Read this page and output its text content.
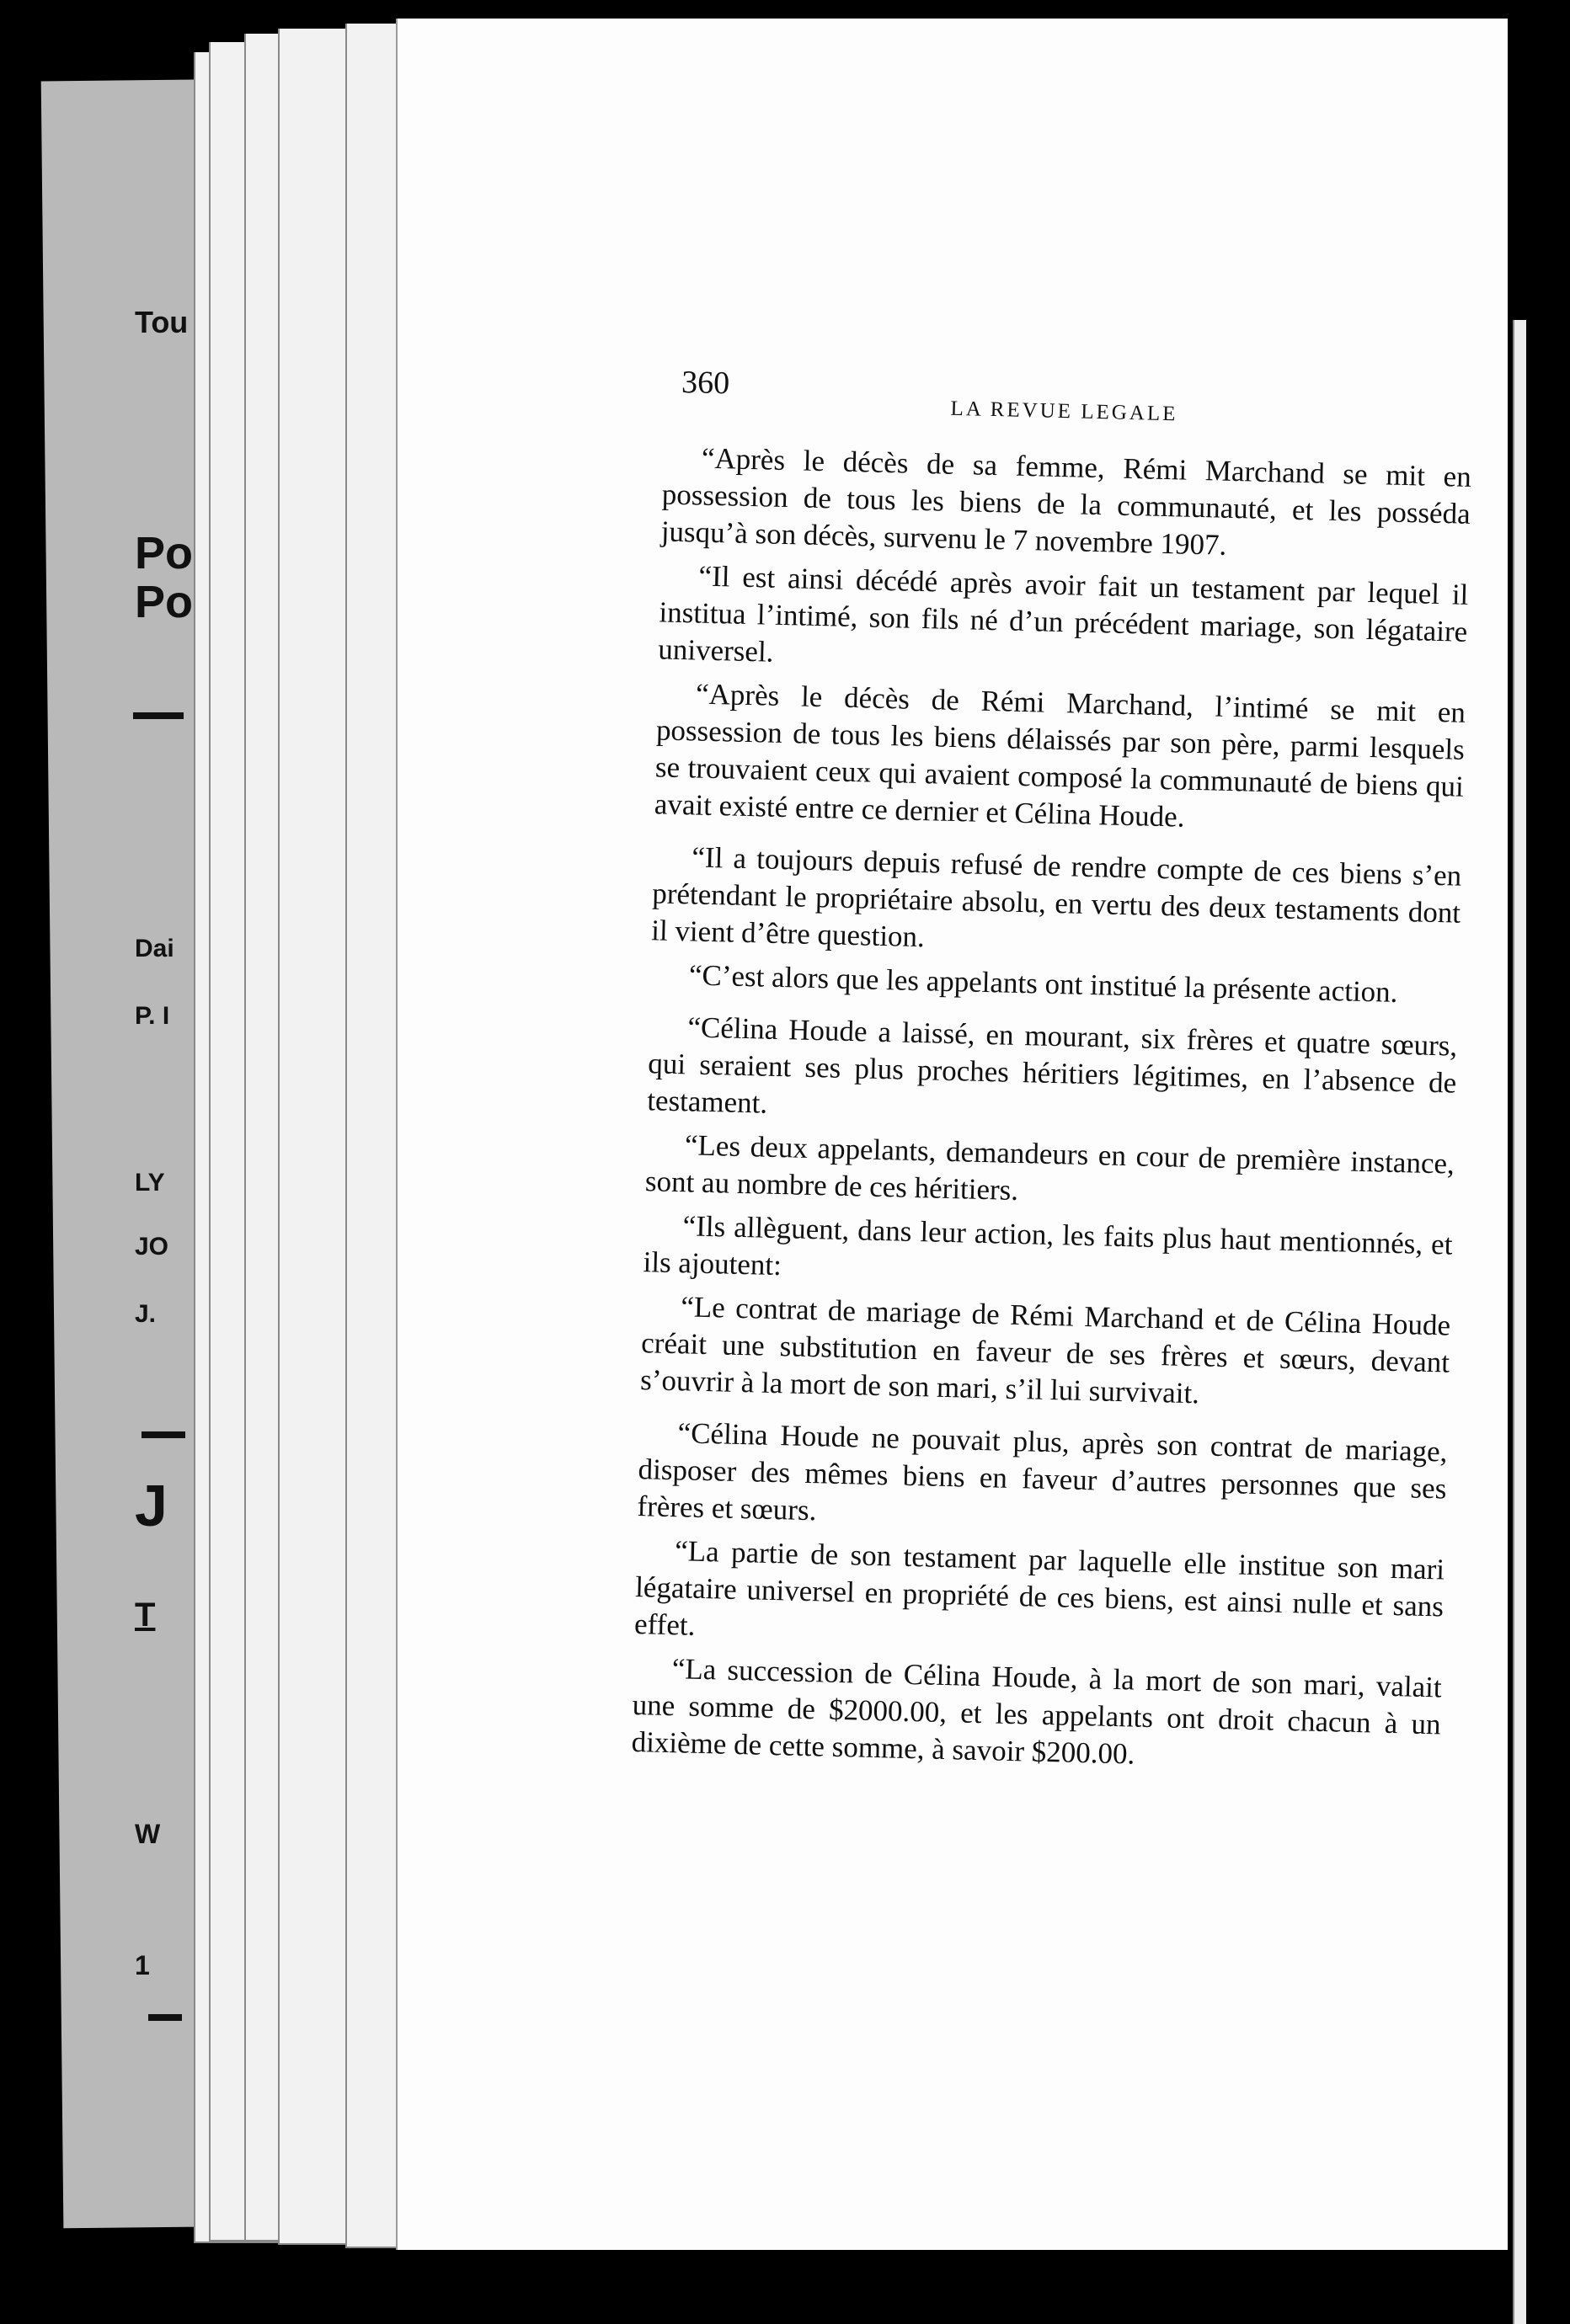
Tou
Po
Po
Dai
P. I
LY
JO
J.
J
T
W
1
360
LA REVUE LEGALE

“Après le décès de sa femme, Rémi Marchand se mit en possession de tous les biens de la communauté, et les posséda jusqu’à son décès, survenu le 7 novembre 1907.

“Il est ainsi décédé après avoir fait un testament par lequel il institua l’intimé, son fils né d’un précédent mariage, son légataire universel.

“Après le décès de Rémi Marchand, l’intimé se mit en possession de tous les biens délaissés par son père, parmi lesquels se trouvaient ceux qui avaient composé la communauté de biens qui avait existé entre ce dernier et Célina Houde.

“Il a toujours depuis refusé de rendre compte de ces biens s’en prétendant le propriétaire absolu, en vertu des deux testaments dont il vient d’être question.

“C’est alors que les appelants ont institué la présente action.

“Célina Houde a laissé, en mourant, six frères et quatre sœurs, qui seraient ses plus proches héritiers légitimes, en l’absence de testament.

“Les deux appelants, demandeurs en cour de première instance, sont au nombre de ces héritiers.

“Ils allèguent, dans leur action, les faits plus haut mentionnés, et ils ajoutent:

“Le contrat de mariage de Rémi Marchand et de Célina Houde créait une substitution en faveur de ses frères et sœurs, devant s’ouvrir à la mort de son mari, s’il lui survivait.

“Célina Houde ne pouvait plus, après son contrat de mariage, disposer des mêmes biens en faveur d’autres personnes que ses frères et sœurs.

“La partie de son testament par laquelle elle institue son mari légataire universel en propriété de ces biens, est ainsi nulle et sans effet.

“La succession de Célina Houde, à la mort de son mari, valait une somme de $2000.00, et les appelants ont droit chacun à un dixième de cette somme, à savoir $200.00.
